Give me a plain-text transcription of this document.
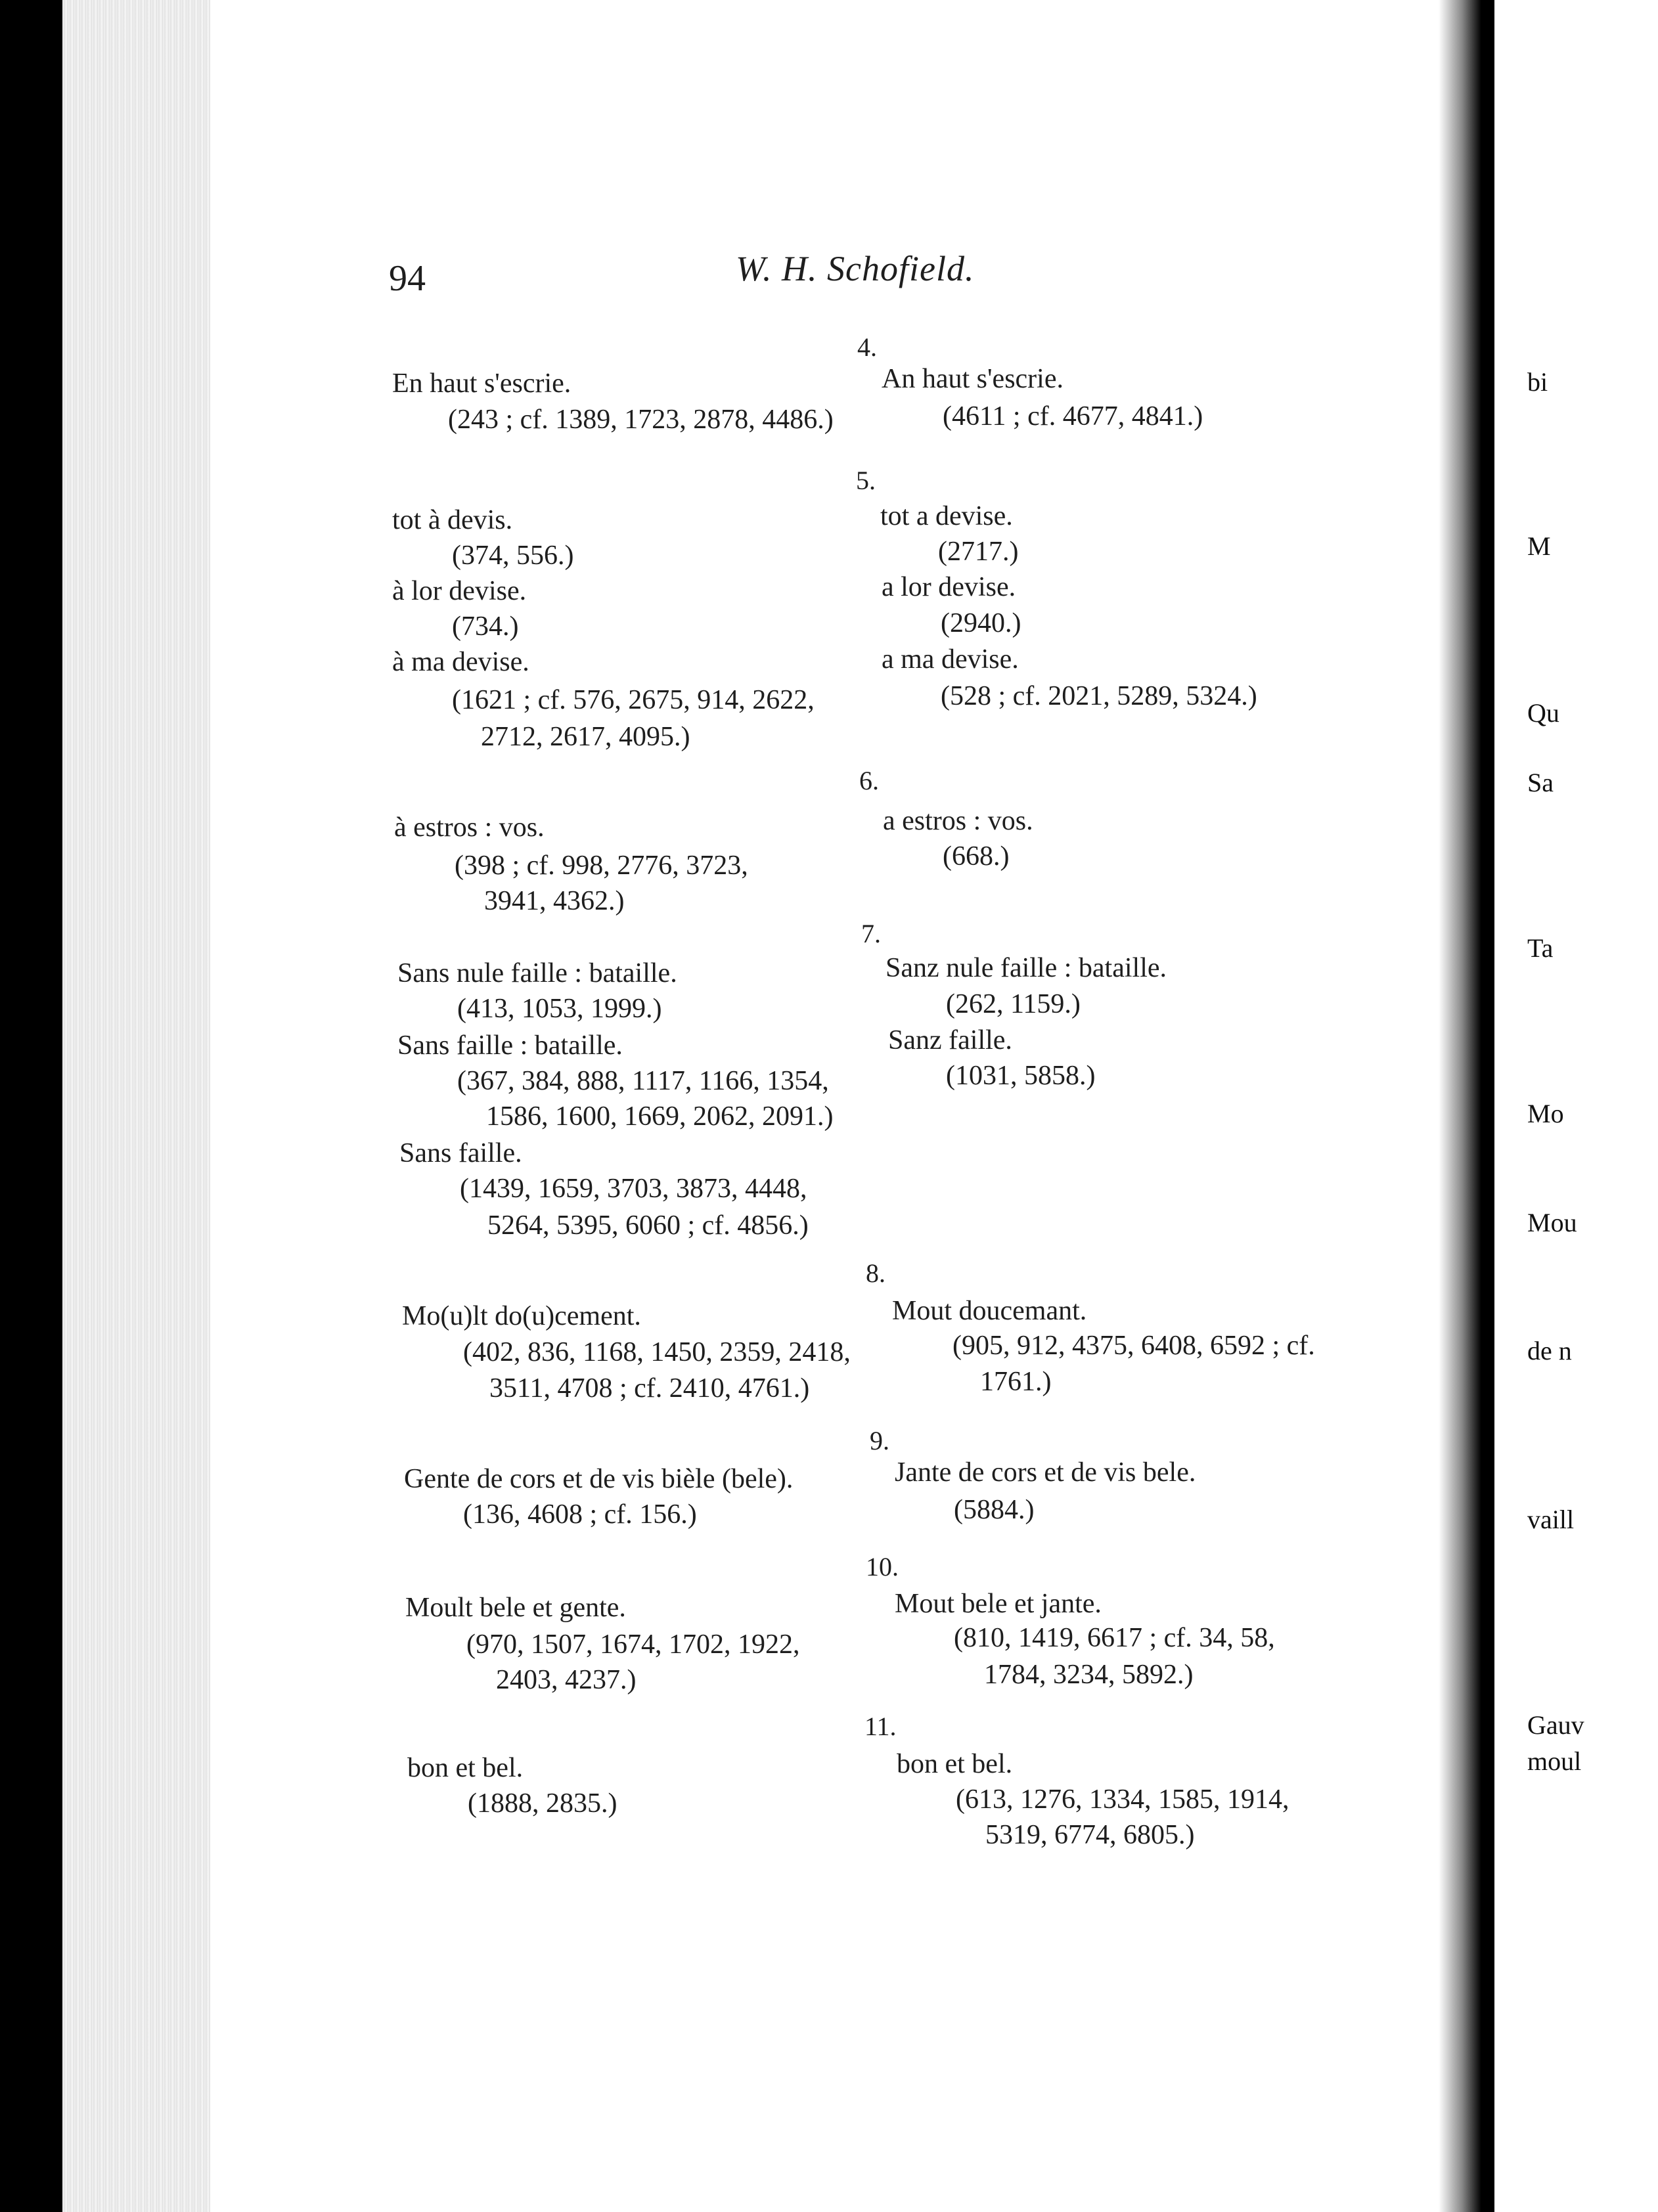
bi
M
Qu
Sa
Ta
Mo
Mou
de n
vaill
Gauv
moul
94	W. H. Schofield.
4.
En haut s'escrie.
(243 ; cf. 1389, 1723, 2878, 4486.)
An haut s'escrie.
(4611 ; cf. 4677, 4841.)
5.
tot à devis.
(374, 556.)
à lor devise.
(734.)
à ma devise.
(1621 ; cf. 576, 2675, 914, 2622,
2712, 2617, 4095.)
tot a devise.
(2717.)
a lor devise.
(2940.)
a ma devise.
(528 ; cf. 2021, 5289, 5324.)
6.
à estros : vos.
(398 ; cf. 998, 2776, 3723,
3941, 4362.)
a estros : vos.
(668.)
7.
Sans nule faille : bataille.
(413, 1053, 1999.)
Sans faille : bataille.
(367, 384, 888, 1117, 1166, 1354,
1586, 1600, 1669, 2062, 2091.)
Sans faille.
(1439, 1659, 3703, 3873, 4448,
5264, 5395, 6060 ; cf. 4856.)
Sanz nule faille : bataille.
(262, 1159.)
Sanz faille.
(1031, 5858.)
8.
Mo(u)lt do(u)cement.
(402, 836, 1168, 1450, 2359, 2418,
3511, 4708 ; cf. 2410, 4761.)
Mout doucemant.
(905, 912, 4375, 6408, 6592 ; cf.
1761.)
9.
Gente de cors et de vis bièle (bele).
(136, 4608 ; cf. 156.)
Jante de cors et de vis bele.
(5884.)
10.
Moult bele et gente.
(970, 1507, 1674, 1702, 1922,
2403, 4237.)
Mout bele et jante.
(810, 1419, 6617 ; cf. 34, 58,
1784, 3234, 5892.)
11.
bon et bel.
(1888, 2835.)
bon et bel.
(613, 1276, 1334, 1585, 1914,
5319, 6774, 6805.)
